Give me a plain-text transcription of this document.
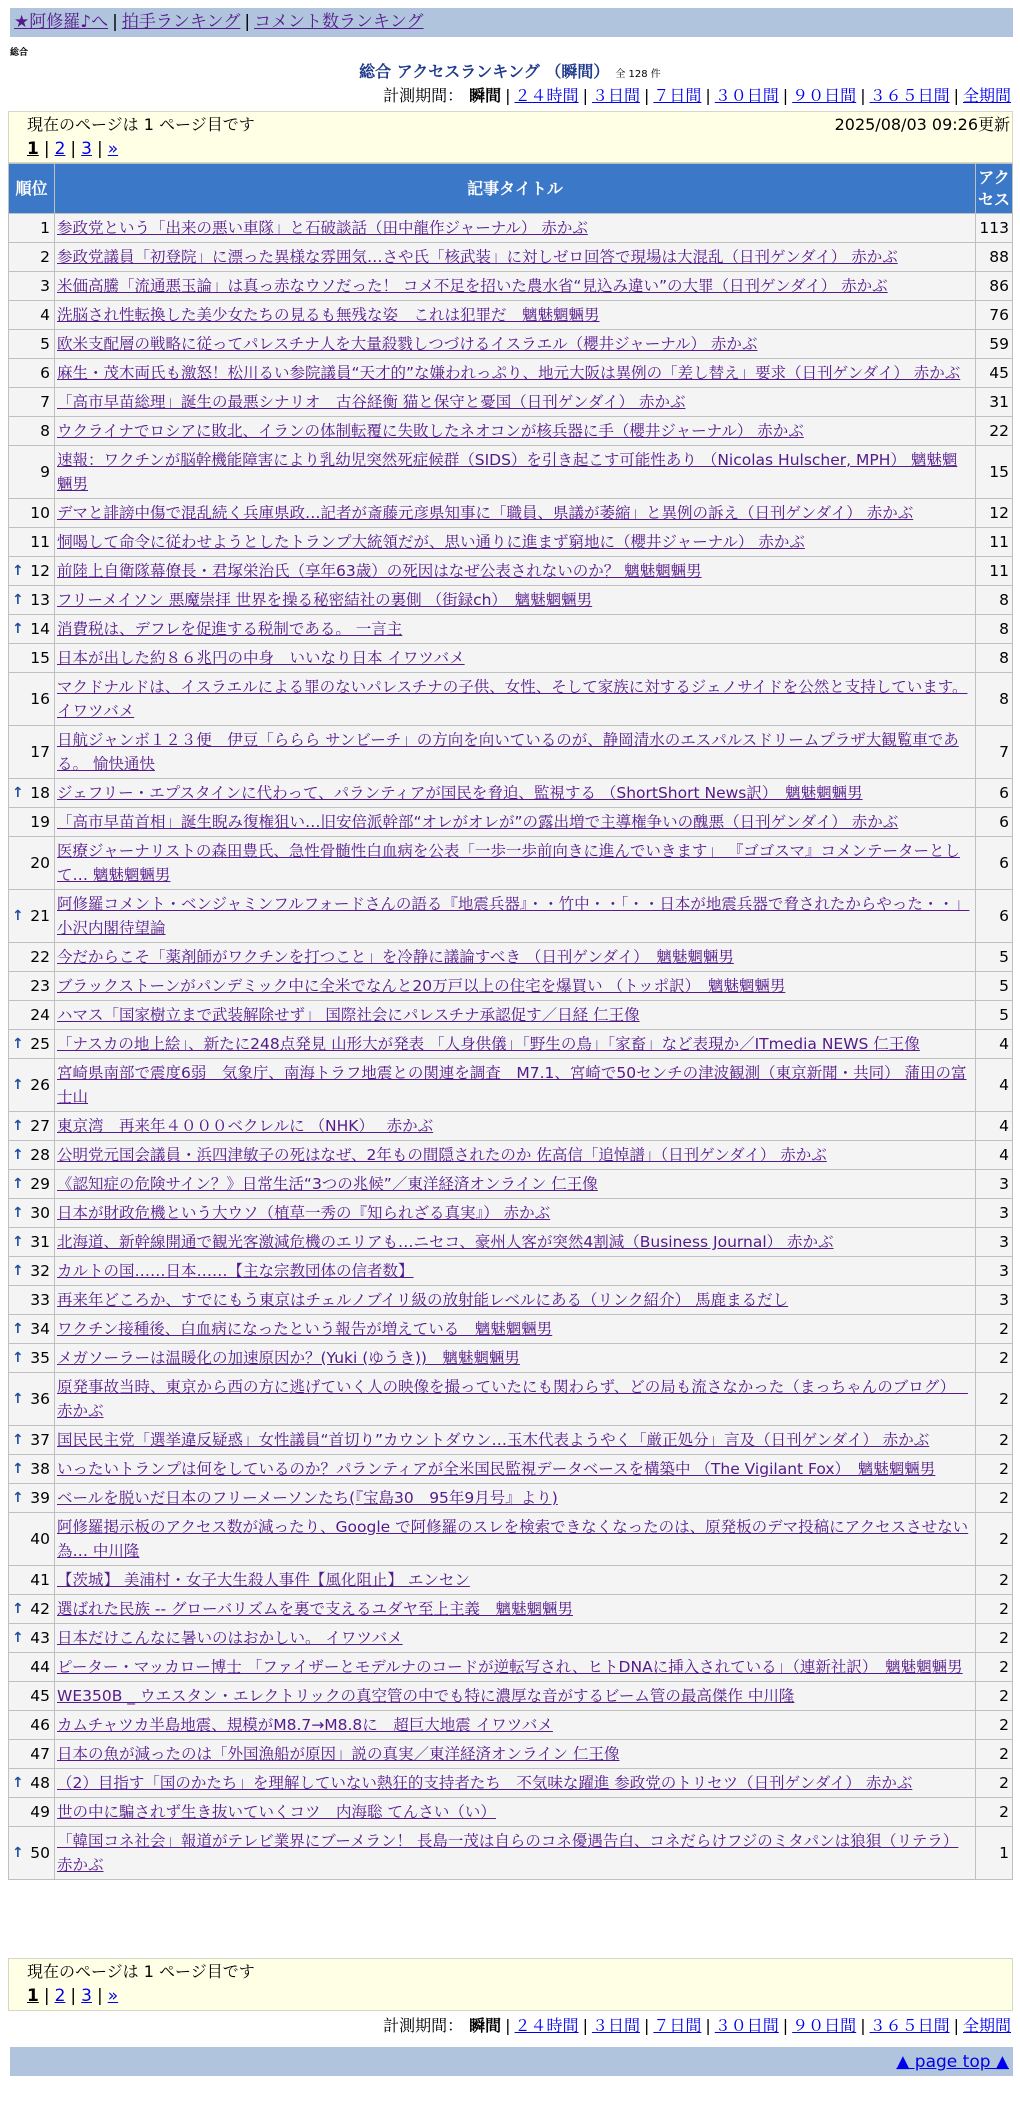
★阿修羅♪へ | 拍手ランキング | コメント数ランキング
総合
総合 アクセスランキング （瞬間） 全 128 件
計測期間： 瞬間 | ２４時間 | ３日間 | ７日間 | ３０日間 | ９０日間 | ３６５日間 | 全期間
現在のページは 1 ページ目です	2025/08/03 09:26更新
1 | 2 | 3 | »
順位	記事タイトル	アクセス
1	参政党という「出来の悪い車隊」と石破談話（田中龍作ジャーナル） 赤かぶ	113
2	参政党議員「初登院」に漂った異様な雰囲気…さや氏「核武装」に対しゼロ回答で現場は大混乱（日刊ゲンダイ） 赤かぶ	88
3	米価高騰「流通悪玉論」は真っ赤なウソだった！ コメ不足を招いた農水省“見込み違い”の大罪（日刊ゲンダイ） 赤かぶ	86
4	洗脳され性転換した美少女たちの見るも無残な姿　これは犯罪だ　魑魅魍魎男	76
5	欧米支配層の戦略に従ってパレスチナ人を大量殺戮しつづけるイスラエル（櫻井ジャーナル） 赤かぶ	59
6	麻生・茂木両氏も激怒！松川るい参院議員“天才的”な嫌われっぷり、地元大阪は異例の「差し替え」要求（日刊ゲンダイ） 赤かぶ	45
7	「高市早苗総理」誕生の最悪シナリオ　古谷経衡 猫と保守と憂国（日刊ゲンダイ） 赤かぶ	31
8	ウクライナでロシアに敗北、イランの体制転覆に失敗したネオコンが核兵器に手（櫻井ジャーナル） 赤かぶ	22
9	速報：ワクチンが脳幹機能障害により乳幼児突然死症候群（SIDS）を引き起こす可能性あり （Nicolas Hulscher, MPH） 魑魅魍魎男	15
10	デマと誹謗中傷で混乱続く兵庫県政…記者が斎藤元彦県知事に「職員、県議が萎縮」と異例の訴え（日刊ゲンダイ） 赤かぶ	12
11	恫喝して命令に従わせようとしたトランプ大統領だが、思い通りに進まず窮地に（櫻井ジャーナル） 赤かぶ	11

↑ 12	前陸上自衛隊幕僚長・君塚栄治氏（享年63歳）の死因はなぜ公表されないのか？ 魑魅魍魎男	11

↑ 13	フリーメイソン 悪魔崇拝 世界を操る秘密結社の裏側 （街録ch）　魑魅魍魎男	8

↑ 14	消費税は、デフレを促進する税制である。 一言主	8
15	日本が出した約８６兆円の中身　いいなり日本 イワツバメ	8
16	マクドナルドは、イスラエルによる罪のないパレスチナの子供、女性、そして家族に対するジェノサイドを公然と支持しています。 イワツバメ	8
17	日航ジャンボ１２３便　伊豆「ららら サンビーチ」の方向を向いているのが、静岡清水のエスパルスドリームプラザ大観覧車である。 愉快通快	7

↑ 18	ジェフリー・エプスタインに代わって、パランティアが国民を脅迫、監視する （ShortShort News訳）　魑魅魍魎男	6
19	「高市早苗首相」誕生睨み復権狙い…旧安倍派幹部“オレがオレが”の露出増で主導権争いの醜悪（日刊ゲンダイ） 赤かぶ	6
20	医療ジャーナリストの森田豊氏、急性骨髄性白血病を公表「一歩一歩前向きに進んでいきます」 『ゴゴスマ』コメンテーターとして… 魑魅魍魎男	6

↑ 21	阿修羅コメント・ベンジャミンフルフォードさんの語る『地震兵器』・・竹中・・「・・日本が地震兵器で脅されたからやった・・」 小沢内閣待望論	6
22	今だからこそ「薬剤師がワクチンを打つこと」を冷静に議論すべき （日刊ゲンダイ）　魑魅魍魎男	5
23	ブラックストーンがパンデミック中に全米でなんと20万戸以上の住宅を爆買い （トッポ訳）　魑魅魍魎男	5
24	ハマス「国家樹立まで武装解除せず」 国際社会にパレスチナ承認促す／日経 仁王像	5

↑ 25	「ナスカの地上絵」、新たに248点発見 山形大が発表 「人身供儀」「野生の鳥」「家畜」など表現か／ITmedia NEWS 仁王像	4

↑ 26	宮崎県南部で震度6弱　気象庁、南海トラフ地震との関連を調査　M7.1、宮崎で50センチの津波観測（東京新聞・共同） 蒲田の富士山	4

↑ 27	東京湾　再来年４０００ベクレルに （NHK）　 赤かぶ	4

↑ 28	公明党元国会議員・浜四津敏子の死はなぜ、2年もの間隠されたのか 佐高信「追悼譜」（日刊ゲンダイ） 赤かぶ	4

↑ 29	《認知症の危険サイン？》日常生活“3つの兆候”／東洋経済オンライン 仁王像	3

↑ 30	日本が財政危機という大ウソ（植草一秀の『知られざる真実』） 赤かぶ	3

↑ 31	北海道、新幹線開通で観光客激減危機のエリアも…ニセコ、豪州人客が突然4割減（Business Journal） 赤かぶ	3

↑ 32	カルトの国……日本……【主な宗教団体の信者数】	3
33	再来年どころか、すでにもう東京はチェルノブイリ級の放射能レベルにある（リンク紹介） 馬鹿まるだし	3

↑ 34	ワクチン接種後、白血病になったという報告が増えている　魑魅魍魎男	2

↑ 35	メガソーラーは温暖化の加速原因か？(Yuki (ゆうき))　魑魅魍魎男	2

↑ 36	原発事故当時、東京から西の方に逃げていく人の映像を撮っていたにも関わらず、どの局も流さなかった（まっちゃんのブログ）　 赤かぶ	2

↑ 37	国民民主党「選挙違反疑惑」女性議員“首切り”カウントダウン…玉木代表ようやく「厳正処分」言及（日刊ゲンダイ） 赤かぶ	2

↑ 38	いったいトランプは何をしているのか？パランティアが全米国民監視データベースを構築中 （The Vigilant Fox）　魑魅魍魎男	2

↑ 39	ベールを脱いだ日本のフリーメーソンたち(『宝島30　95年9月号』より)	2
40	阿修羅掲示板のアクセス数が減ったり、Google で阿修羅のスレを検索できなくなったのは、原発板のデマ投稿にアクセスさせない為… 中川隆	2
41	【茨城】 美浦村・女子大生殺人事件【風化阻止】 エンセン	2

↑ 42	選ばれた民族 -- グローバリズムを裏で支えるユダヤ至上主義　魑魅魍魎男	2

↑ 43	日本だけこんなに暑いのはおかしい。 イワツバメ	2
44	ピーター・マッカロー博士 「ファイザーとモデルナのコードが逆転写され、ヒトDNAに挿入されている」（連新社訳）　魑魅魍魎男	2
45	WE350B _ ウエスタン・エレクトリックの真空管の中でも特に濃厚な音がするビーム管の最高傑作 中川隆	2
46	カムチャツカ半島地震、規模がM8.7→M8.8に　超巨大地震 イワツバメ	2
47	日本の魚が減ったのは「外国漁船が原因」説の真実／東洋経済オンライン 仁王像	2

↑ 48	（2）目指す「国のかたち」を理解していない熱狂的支持者たち　不気味な躍進 参政党のトリセツ（日刊ゲンダイ） 赤かぶ	2
49	世の中に騙されず生き抜いていくコツ　内海聡 てんさい（い）	2

↑ 50	「韓国コネ社会」報道がテレビ業界にブーメラン！ 長島一茂は自らのコネ優遇告白、コネだらけフジのミタパンは狼狽（リテラ） 赤かぶ	1
現在のページは 1 ページ目です
1 | 2 | 3 | »
計測期間： 瞬間 | ２４時間 | ３日間 | ７日間 | ３０日間 | ９０日間 | ３６５日間 | 全期間
▲ page top ▲
